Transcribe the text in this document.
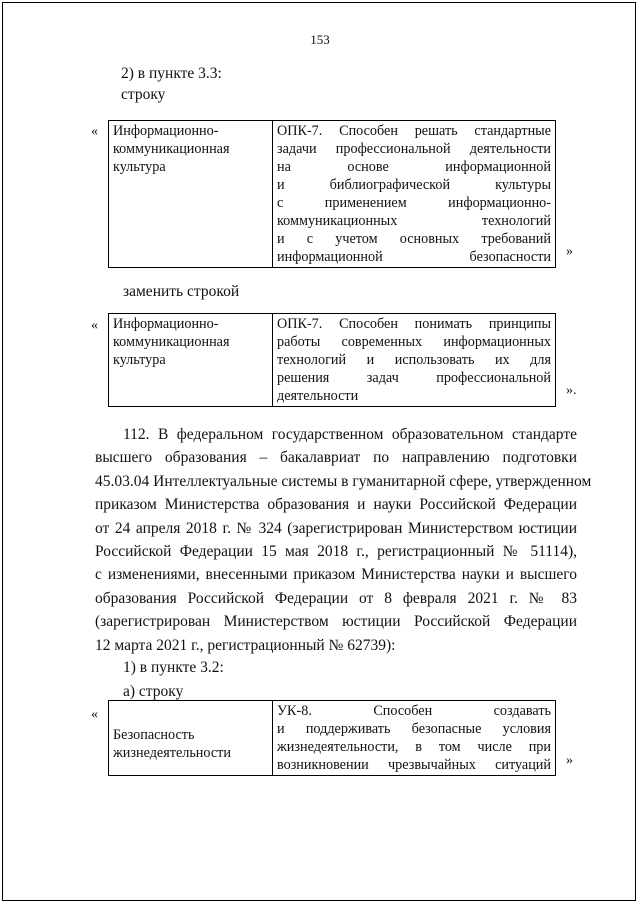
153
2) в пункте 3.3:
строку
« Информационно-
коммуникационная
культура

ОПК-7. Способен решать стандартные
задачи профессиональной деятельности
на основе информационной
и библиографической культуры
с применением информационно-
коммуникационных технологий
и с учетом основных требований
информационной безопасности »
заменить строкой
« Информационно-
коммуникационная
культура

ОПК-7. Способен понимать принципы
работы современных информационных
технологий и использовать их для
решения задач профессиональной
деятельности	».
112. В федеральном государственном образовательном стандарте
высшего образования – бакалавриат по направлению подготовки
45.03.04 Интеллектуальные системы в гуманитарной сфере, утвержденном
приказом Министерства образования и науки Российской Федерации
от 24 апреля 2018 г. № 324 (зарегистрирован Министерством юстиции
Российской Федерации 15 мая 2018 г., регистрационный № 51114),
с изменениями, внесенными приказом Министерства науки и высшего
образования Российской Федерации от 8 февраля 2021 г. № 83
(зарегистрирован Министерством юстиции Российской Федерации
12 марта 2021 г., регистрационный № 62739):
1) в пункте 3.2:
а) строку
«
Безопасность
жизнедеятельности

УК-8. Способен создавать
и поддерживать безопасные условия
жизнедеятельности, в том числе при
возникновении чрезвычайных ситуаций »
